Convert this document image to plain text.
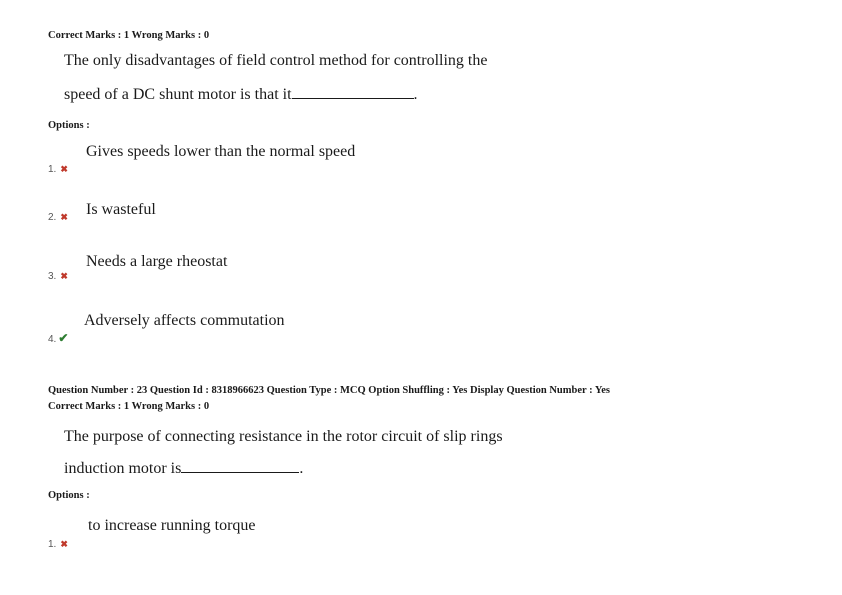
Correct Marks : 1 Wrong Marks : 0
The only disadvantages of field control method for controlling the
speed of a DC shunt motor is that it	.
Options :
Gives speeds lower than the normal speed
1. ✖
Is wasteful
2. ✖
Needs a large rheostat
3. ✖
Adversely affects commutation
4. ✔
Question Number : 23 Question Id : 8318966623 Question Type : MCQ Option Shuffling : Yes Display Question Number : Yes
Correct Marks : 1 Wrong Marks : 0
The purpose of connecting resistance in the rotor circuit of slip rings
induction motor is	.
Options :
to increase running torque
1. ✖
